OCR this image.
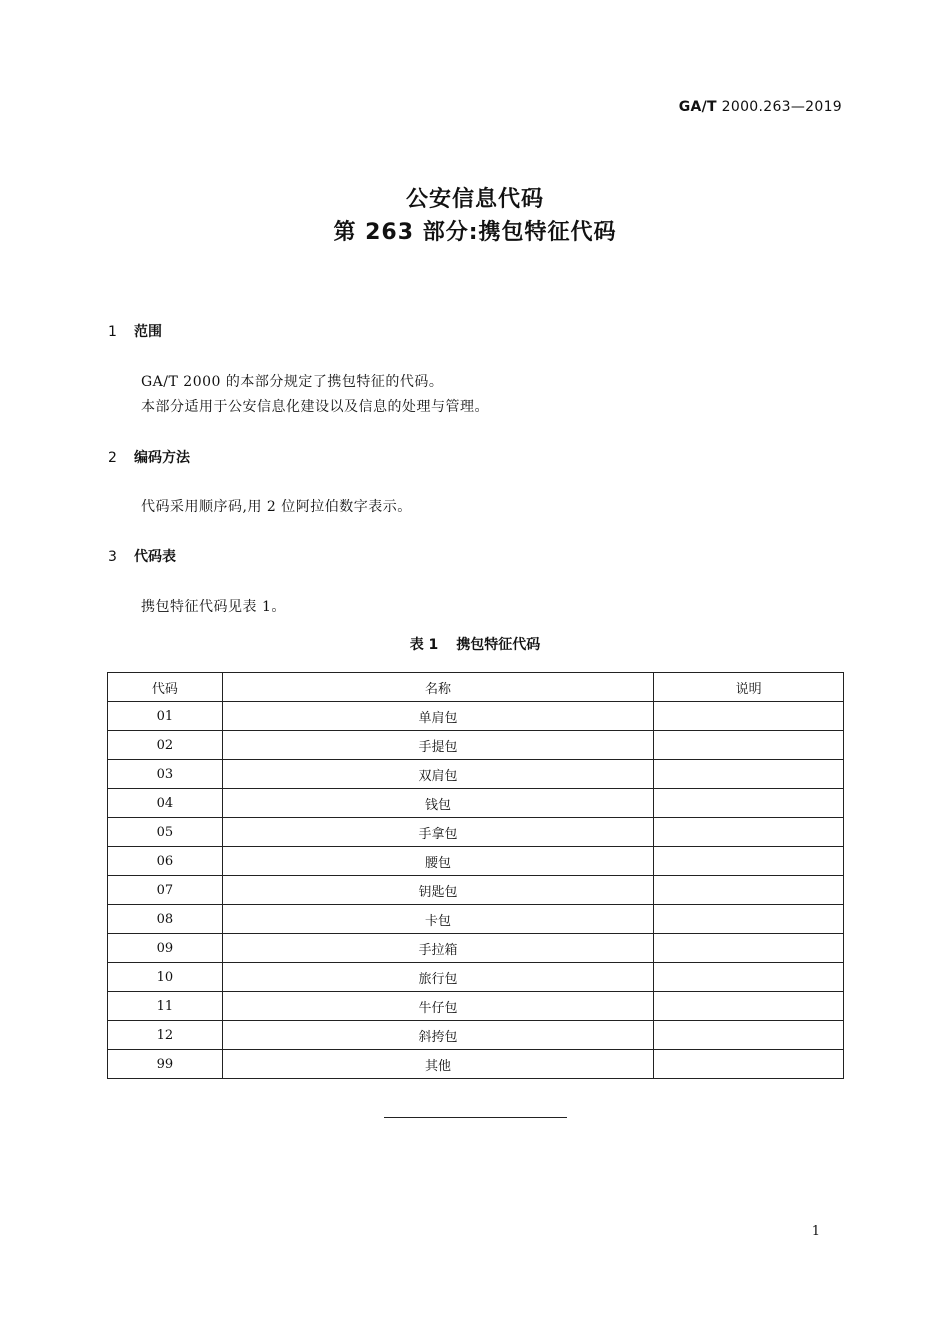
GA/T 2000.263—2019
公安信息代码
第 263 部分:携包特征代码
1 范围
GA/T 2000 的本部分规定了携包特征的代码。
本部分适用于公安信息化建设以及信息的处理与管理。
2 编码方法
代码采用顺序码,用 2 位阿拉伯数字表示。
3 代码表
携包特征代码见表 1。
表 1 携包特征代码
代码	名称	说明
01	单肩包	
02	手提包	
03	双肩包	
04	钱包	
05	手拿包	
06	腰包	
07	钥匙包	
08	卡包	
09	手拉箱	
10	旅行包	
11	牛仔包	
12	斜挎包	
99	其他	
1
